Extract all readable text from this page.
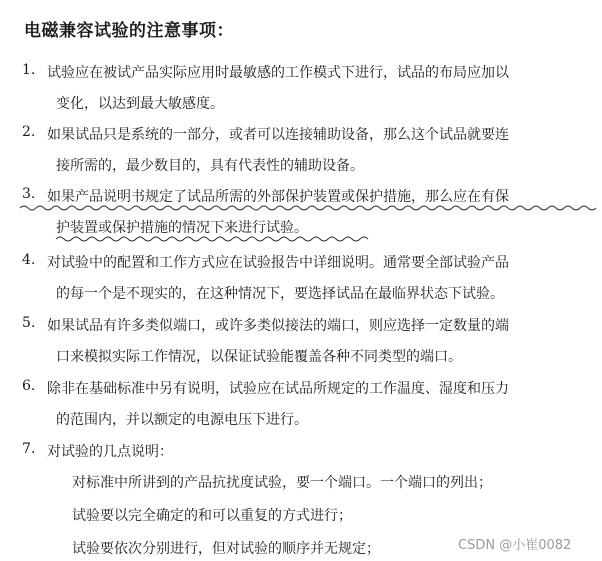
电磁兼容试验的注意事项：
1. 试验应在被试产品实际应用时最敏感的工作模式下进行，试品的布局应加以
变化，以达到最大敏感度。
2. 如果试品只是系统的一部分，或者可以连接辅助设备，那么这个试品就要连
接所需的，最少数目的，具有代表性的辅助设备。
3. 如果产品说明书规定了试品所需的外部保护装置或保护措施，那么应在有保
护装置或保护措施的情况下来进行试验。
4. 对试验中的配置和工作方式应在试验报告中详细说明。通常要全部试验产品
的每一个是不现实的，在这种情况下，要选择试品在最临界状态下试验。
5. 如果试品有许多类似端口，或许多类似接法的端口，则应选择一定数量的端
口来模拟实际工作情况，以保证试验能覆盖各种不同类型的端口。
6. 除非在基础标准中另有说明，试验应在试品所规定的工作温度、湿度和压力
的范围内，并以额定的电源电压下进行。
7. 对试验的几点说明：
对标准中所讲到的产品抗扰度试验，要一个端口。一个端口的列出；
试验要以完全确定的和可以重复的方式进行；
试验要依次分别进行，但对试验的顺序并无规定；	CSDN @小崔0082
